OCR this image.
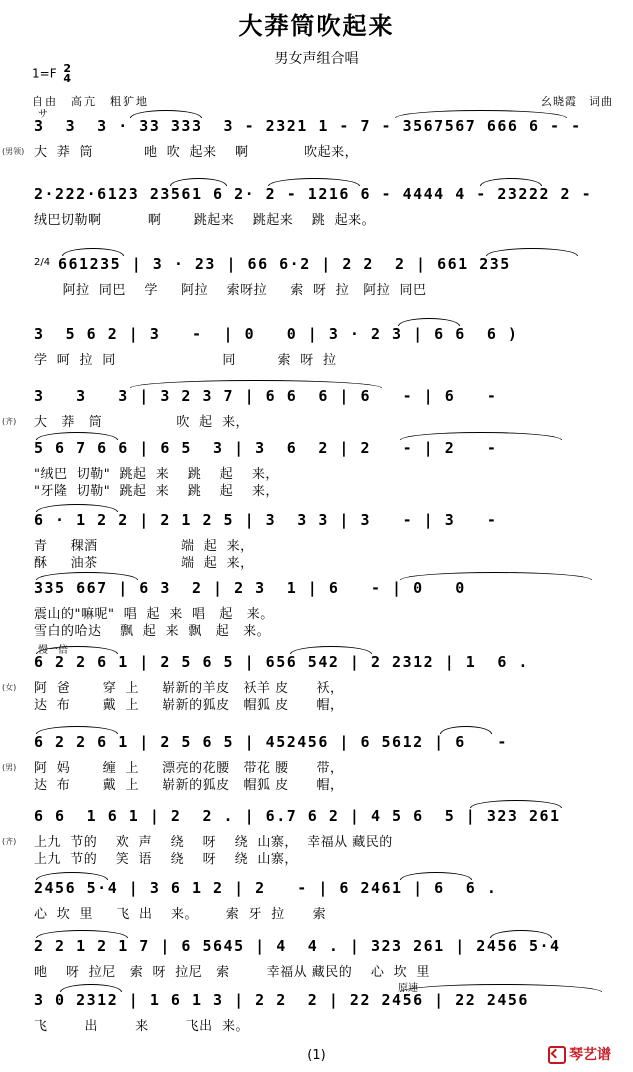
大莽筒吹起来
男女声组合唱
1=F 2
4
自由　高亢　粗犷地	幺晓霞　词曲
サ
3  3  3 · 33 333  3 - 2321 1 - 7 - 3567567 666 6 - -
(男领) 大  莽  筒           吔  吹  起来    啊            吹起来，
2·222·6123 23561 6 2· 2 - 1216 6 - 4444 4 - 23222 2 -
绒巴切勒啊          啊       跳起来    跳起来    跳  起来。
2/4 661235 | 3 · 23 | 66 6·2 | 2 2  2 | 661 235
阿拉  同巴    学     阿拉    索呀拉     索  呀  拉   阿拉  同巴
3  5 6 2 | 3   -  | 0   0 | 3 · 2 3 | 6 6  6 )
学  呵  拉  同                       同         索  呀  拉
3   3   3 | 3 2 3 7 | 6 6  6 | 6   - | 6   -
(齐) 大   莽   筒                吹  起  来，
5 6 7 6 6 | 6 5  3 | 3  6  2 | 2   - | 2   -
"绒巴  切勒"  跳起  来    跳    起    来，
"牙隆  切勒"  跳起  来    跳    起    来，
6 · 1 2 2 | 2 1 2 5 | 3  3 3 | 3   - | 3   -
青     稞酒                  端  起  来，
酥     油茶                  端  起  来，
335 667 | 6 3  2 | 2 3  1 | 6   - | 0   0
震山的"嘛呢"  唱  起  来  唱   起   来。
雪白的哈达    飘  起  来  飘   起   来。
慢一倍
6 2 2 6 1 | 2 5 6 5 | 656 542 | 2 2312 | 1  6 .
(女) 阿  爸       穿  上     崭新的羊皮   袄羊 皮      袄，
达  布       戴  上     崭新的狐皮   帽狐 皮      帽，
6 2 2 6 1 | 2 5 6 5 | 452456 | 6 5612 | 6   -
(男) 阿  妈       缠  上     漂亮的花腰   带花 腰      带，
达  布       戴  上     崭新的狐皮   帽狐 皮      帽，
6 6  1 6 1 | 2  2 . | 6.7 6 2 | 4 5 6  5 | 323 261
(齐) 上九  节的    欢  声    绕    呀    绕  山寨，  幸福从 藏民的
上九  节的    笑  语    绕    呀    绕  山寨，
2456 5·4 | 3 6 1 2 | 2   - | 6 2461 | 6  6 .
心  坎  里     飞  出    来。      索  牙  拉      索
2 2 1 2 1 7 | 6 5645 | 4  4 . | 323 261 | 2456 5·4
吔    呀  拉尼   索  呀  拉尼   索        幸福从 藏民的    心  坎  里
原速
3 0 2312 | 1 6 1 3 | 2 2  2 | 22 2456 | 22 2456
飞        出        来        飞出  来。
(1)	琴艺谱
